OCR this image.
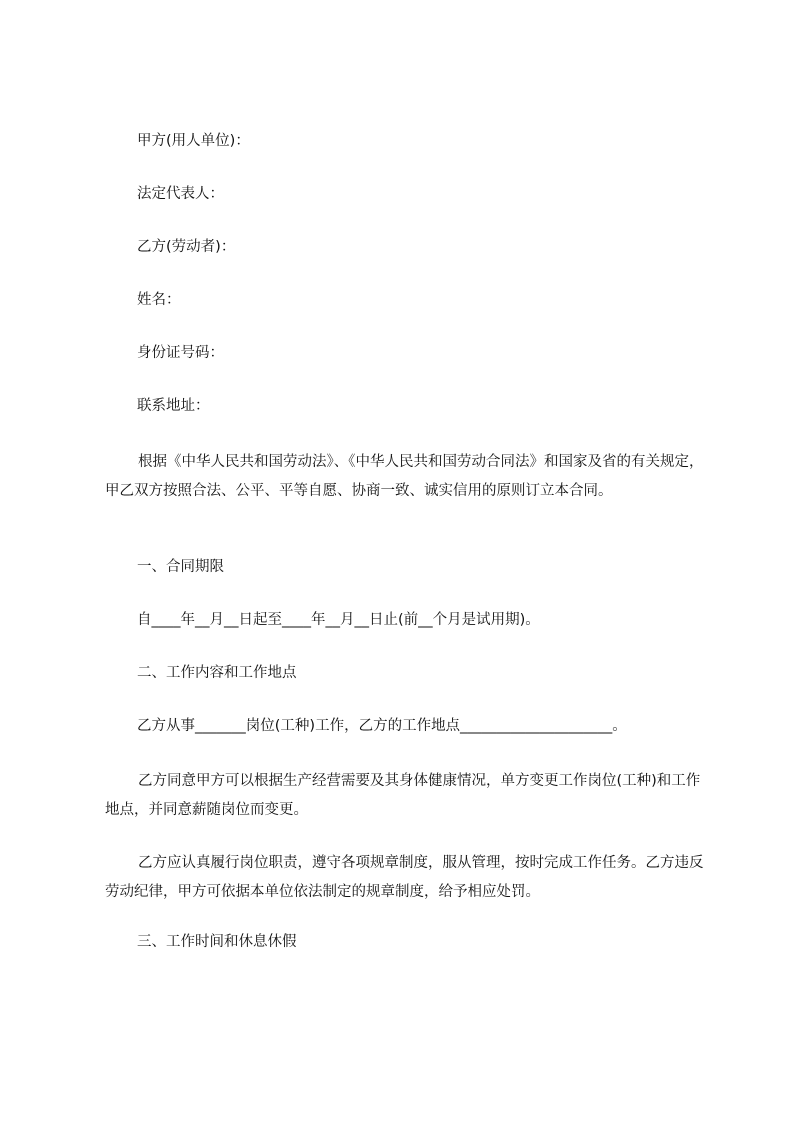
甲方(用人单位)：
法定代表人：
乙方(劳动者)：
姓名：
身份证号码：
联系地址：
根据《中华人民共和国劳动法》、《中华人民共和国劳动合同法》和国家及省的有关规定，甲乙双方按照合法、公平、平等自愿、协商一致、诚实信用的原则订立本合同。
一、合同期限
自____年__月__日起至____年__月__日止(前__个月是试用期)。
二、工作内容和工作地点
乙方从事_______岗位(工种)工作，乙方的工作地点_____________________。
乙方同意甲方可以根据生产经营需要及其身体健康情况，单方变更工作岗位(工种)和工作地点，并同意薪随岗位而变更。
乙方应认真履行岗位职责，遵守各项规章制度，服从管理，按时完成工作任务。乙方违反劳动纪律，甲方可依据本单位依法制定的规章制度，给予相应处罚。
三、工作时间和休息休假
